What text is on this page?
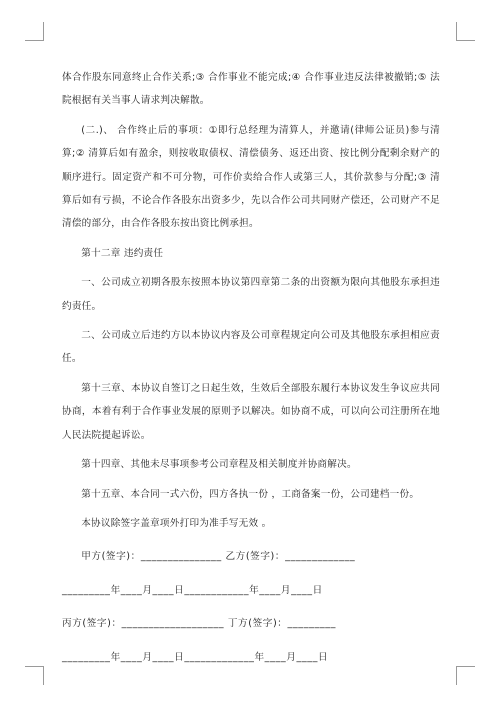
体合作股东同意终止合作关系;③ 合作事业不能完成;④ 合作事业违反法律被撤销;⑤ 法院根据有关当事人请求判决解散。

(二.)、 合作终止后的事项：①即行总经理为清算人，并邀请(律师公证员)参与清算;② 清算后如有盈余，则按收取债权、清偿债务、返还出资、按比例分配剩余财产的顺序进行。固定资产和不可分物，可作价卖给合作人或第三人，其价款参与分配;③ 清算后如有亏损，不论合作各股东出资多少，先以合作公司共同财产偿还，公司财产不足清偿的部分，由合作各股东按出资比例承担。

第十二章 违约责任

一、公司成立初期各股东按照本协议第四章第二条的出资额为限向其他股东承担违约责任。

二、公司成立后违约方以本协议内容及公司章程规定向公司及其他股东承担相应责任。

第十三章、本协议自签订之日起生效，生效后全部股东履行本协议发生争议应共同协商，本着有利于合作事业发展的原则予以解决。如协商不成，可以向公司注册所在地人民法院提起诉讼。

第十四章、其他未尽事项参考公司章程及相关制度并协商解决。

第十五章、本合同一式六份，四方各执一份 ，工商备案一份，公司建档一份。

本协议除签字盖章项外打印为准手写无效 。

甲方(签字)：_______________ 乙方(签字)：_____________

_________年____月____日____________年____月____日

丙方(签字)：___________________ 丁方(签字)：_________

_________年____月____日_____________年____月____日
